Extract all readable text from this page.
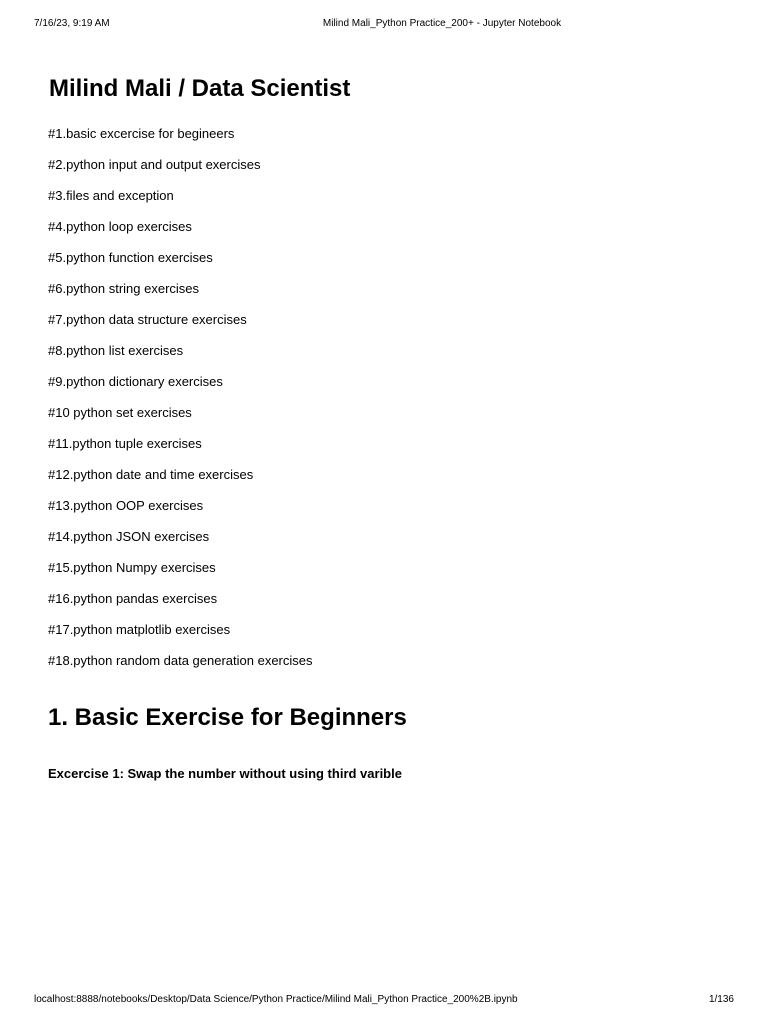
7/16/23, 9:19 AM	Milind Mali_Python Practice_200+ - Jupyter Notebook
Milind Mali / Data Scientist
#1.basic excercise for begineers
#2.python input and output exercises
#3.files and exception
#4.python loop exercises
#5.python function exercises
#6.python string exercises
#7.python data structure exercises
#8.python list exercises
#9.python dictionary exercises
#10 python set exercises
#11.python tuple exercises
#12.python date and time exercises
#13.python OOP exercises
#14.python JSON exercises
#15.python Numpy exercises
#16.python pandas exercises
#17.python matplotlib exercises
#18.python random data generation exercises
1. Basic Exercise for Beginners
Excercise 1: Swap the number without using third varible
localhost:8888/notebooks/Desktop/Data Science/Python Practice/Milind Mali_Python Practice_200%2B.ipynb	1/136
